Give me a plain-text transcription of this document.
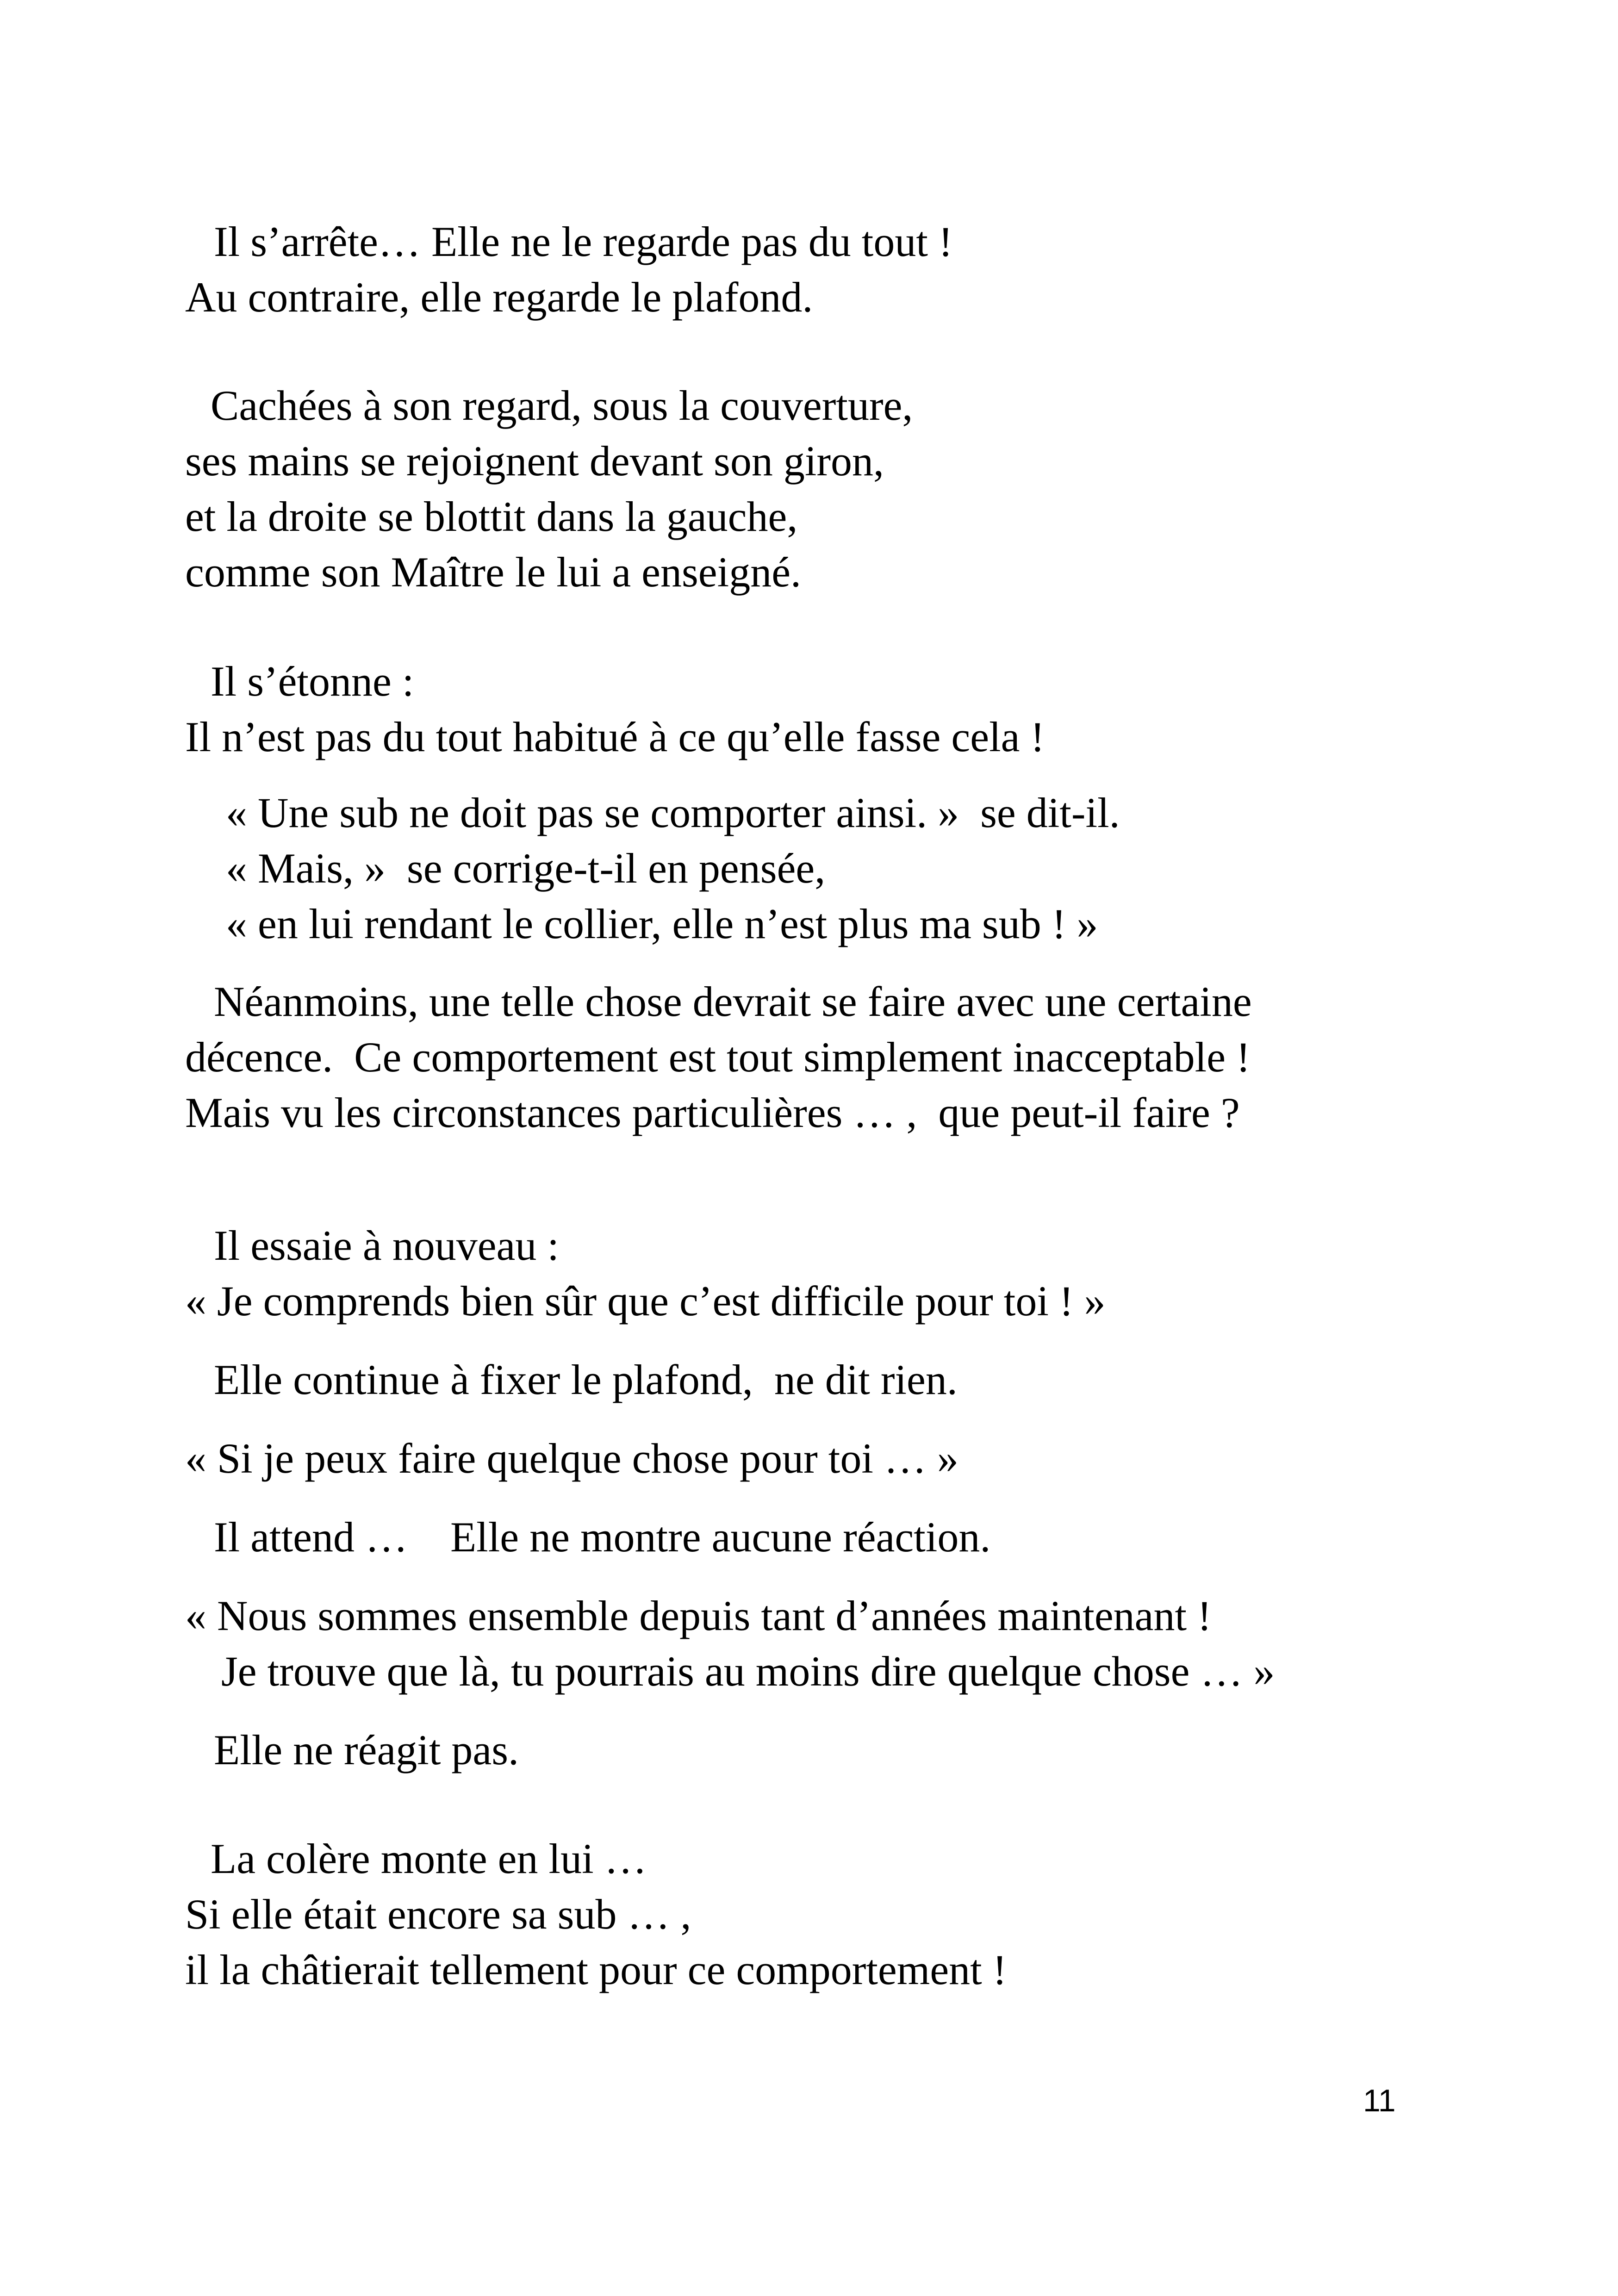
Il s’arrête… Elle ne le regarde pas du tout !
Au contraire, elle regarde le plafond.
Cachées à son regard, sous la couverture,
ses mains se rejoignent devant son giron,
et la droite se blottit dans la gauche,
comme son Maître le lui a enseigné.
Il s’étonne :
Il n’est pas du tout habitué à ce qu’elle fasse cela !
« Une sub ne doit pas se comporter ainsi. »  se dit-il.
« Mais, »  se corrige-t-il en pensée,
« en lui rendant le collier, elle n’est plus ma sub ! »
Néanmoins, une telle chose devrait se faire avec une certaine
décence.  Ce comportement est tout simplement inacceptable !
Mais vu les circonstances particulières … ,  que peut-il faire ?
Il essaie à nouveau :
« Je comprends bien sûr que c’est difficile pour toi ! »
Elle continue à fixer le plafond,  ne dit rien.
« Si je peux faire quelque chose pour toi … »
Il attend …    Elle ne montre aucune réaction.
« Nous sommes ensemble depuis tant d’années maintenant !
Je trouve que là, tu pourrais au moins dire quelque chose … »
Elle ne réagit pas.
La colère monte en lui …
Si elle était encore sa sub … ,
il la châtierait tellement pour ce comportement !
11
